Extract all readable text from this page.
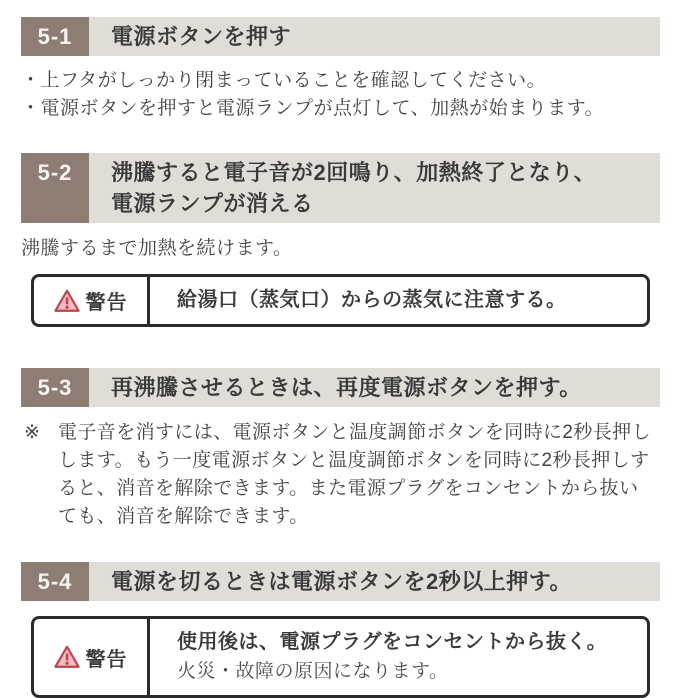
5-1	電源ボタンを押す
・上フタがしっかり閉まっていることを確認してください。
・電源ボタンを押すと電源ランプが点灯して、加熱が始まります。
5-2	沸騰すると電子音が2回鳴り、加熱終了となり、
電源ランプが消える
沸騰するまで加熱を続けます。
警告 給湯口（蒸気口）からの蒸気に注意する。
5-3	再沸騰させるときは、再度電源ボタンを押す。
※ 電子音を消すには、電源ボタンと温度調節ボタンを同時に2秒長押しします。もう一度電源ボタンと温度調節ボタンを同時に2秒長押しすると、消音を解除できます。また電源プラグをコンセントから抜いても、消音を解除できます。
5-4	電源を切るときは電源ボタンを2秒以上押す。
警告
使用後は、電源プラグをコンセントから抜く。
火災・故障の原因になります。
